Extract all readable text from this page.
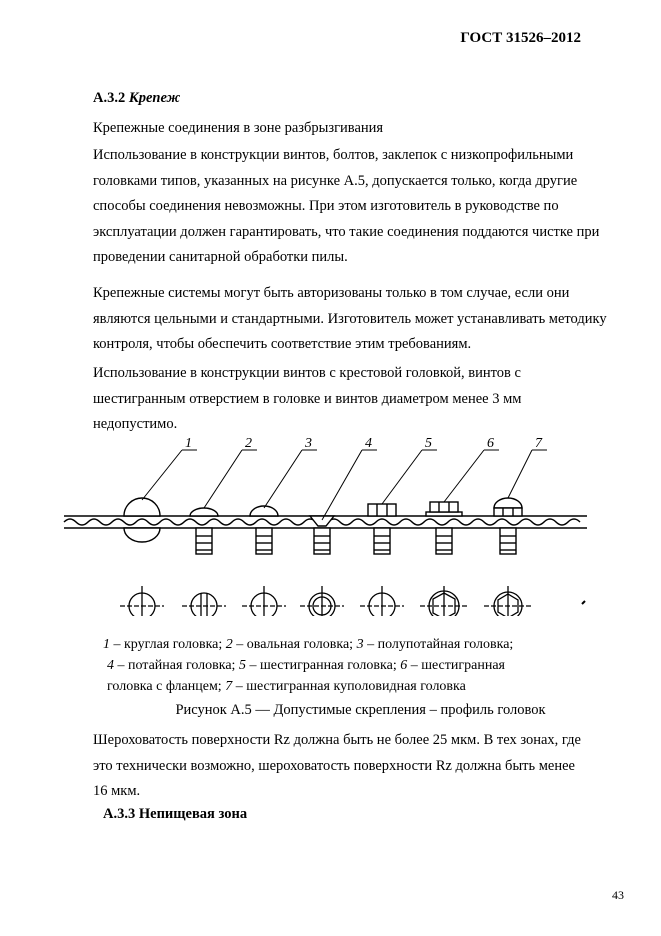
ГОСТ 31526–2012
А.3.2 Крепеж
Крепежные соединения в зоне разбрызгивания
Использование в конструкции винтов, болтов, заклепок с низкопрофильными
головками типов, указанных на рисунке А.5, допускается только, когда другие
способы соединения невозможны. При этом изготовитель в руководстве по
эксплуатации должен гарантировать, что такие соединения поддаются чистке при
проведении санитарной обработки пилы.
Крепежные системы могут быть авторизованы только в том случае, если они
являются цельными и стандартными. Изготовитель может устанавливать методику
контроля, чтобы обеспечить соответствие этим требованиям.
Использование в конструкции винтов с крестовой головкой, винтов с
шестигранным отверстием в головке и винтов диаметром менее 3 мм
недопустимо.
1	2	3	4	5	6	7
1 – круглая головка; 2 – овальная головка; 3 – полупотайная головка;
4 – потайная головка; 5 – шестигранная головка; 6 – шестигранная
головка с фланцем; 7 – шестигранная куполовидная головка
Рисунок А.5 — Допустимые скрепления – профиль головок
Шероховатость поверхности Rz должна быть не более 25 мкм. В тех зонах, где
это технически возможно, шероховатость поверхности Rz должна быть менее
16 мкм.
А.3.3 Непищевая зона
43
